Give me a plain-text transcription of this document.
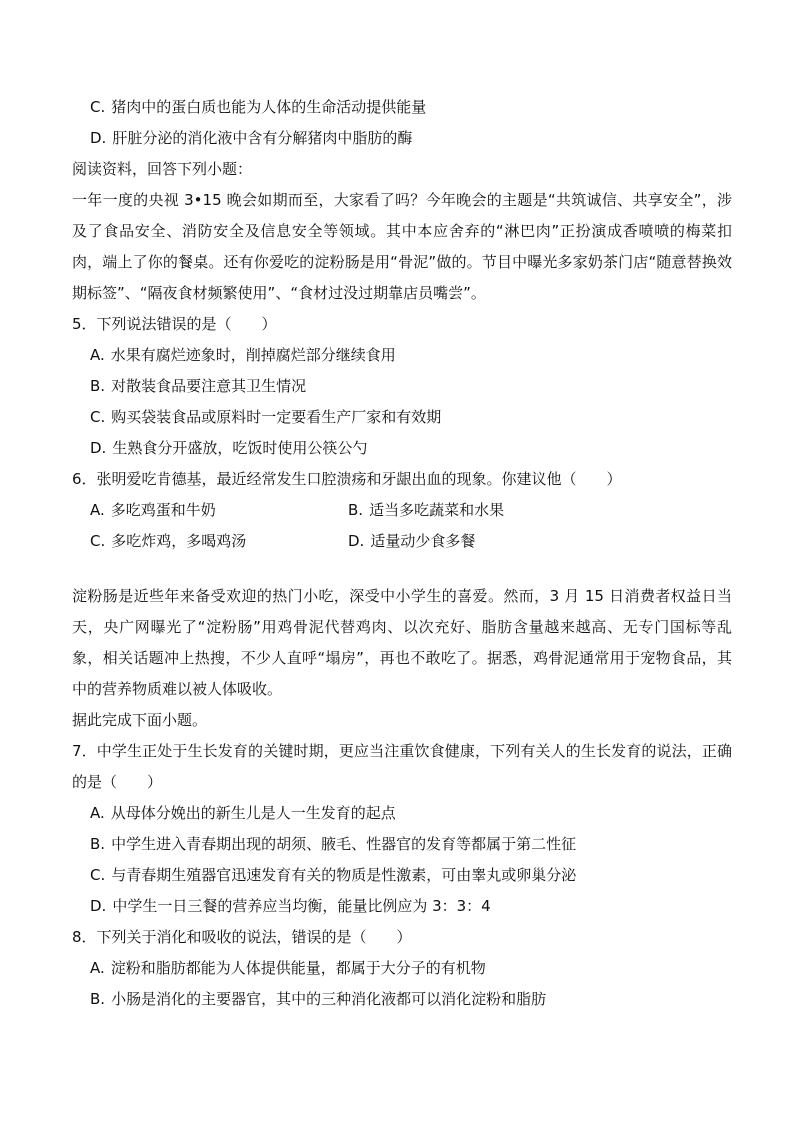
C. 猪肉中的蛋白质也能为人体的生命活动提供能量
D. 肝脏分泌的消化液中含有分解猪肉中脂肪的酶
阅读资料，回答下列小题：
一年一度的央视 3•15 晚会如期而至，大家看了吗？今年晚会的主题是“共筑诚信、共享安全”，涉及了食品安全、消防安全及信息安全等领域。其中本应舍弃的“淋巴肉”正扮演成香喷喷的梅菜扣肉，端上了你的餐桌。还有你爱吃的淀粉肠是用“骨泥”做的。节目中曝光多家奶茶门店“随意替换效期标签”、“隔夜食材频繁使用”、“食材过没过期靠店员嘴尝”。
5．下列说法错误的是（　　）
A. 水果有腐烂迹象时，削掉腐烂部分继续食用
B. 对散装食品要注意其卫生情况
C. 购买袋装食品或原料时一定要看生产厂家和有效期
D. 生熟食分开盛放，吃饭时使用公筷公勺
6．张明爱吃肯德基，最近经常发生口腔溃疡和牙龈出血的现象。你建议他（　　）
A. 多吃鸡蛋和牛奶	B. 适当多吃蔬菜和水果
C. 多吃炸鸡，多喝鸡汤	D. 适量动少食多餐
淀粉肠是近些年来备受欢迎的热门小吃，深受中小学生的喜爱。然而，3 月 15 日消费者权益日当天，央广网曝光了“淀粉肠”用鸡骨泥代替鸡肉、以次充好、脂肪含量越来越高、无专门国标等乱象，相关话题冲上热搜，不少人直呼“塌房”，再也不敢吃了。据悉，鸡骨泥通常用于宠物食品，其中的营养物质难以被人体吸收。
据此完成下面小题。
7．中学生正处于生长发育的关键时期，更应当注重饮食健康，下列有关人的生长发育的说法，正确的是（　　）
A. 从母体分娩出的新生儿是人一生发育的起点
B. 中学生进入青春期出现的胡须、腋毛、性器官的发育等都属于第二性征
C. 与青春期生殖器官迅速发育有关的物质是性激素，可由睾丸或卵巢分泌
D. 中学生一日三餐的营养应当均衡，能量比例应为 3：3：4
8．下列关于消化和吸收的说法，错误的是（　　）
A. 淀粉和脂肪都能为人体提供能量，都属于大分子的有机物
B. 小肠是消化的主要器官，其中的三种消化液都可以消化淀粉和脂肪
